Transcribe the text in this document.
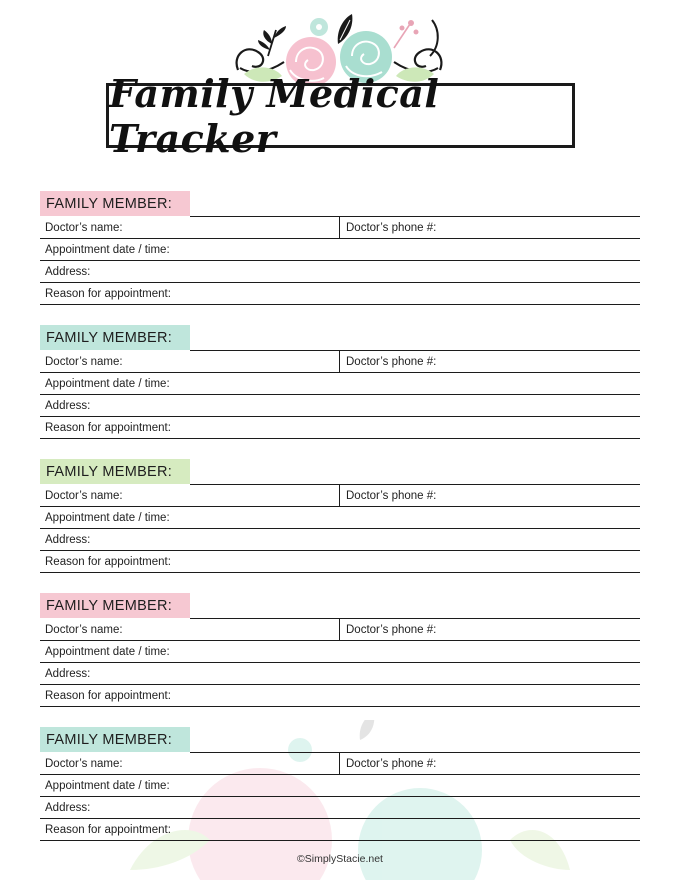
Family Medical Tracker
FAMILY MEMBER:
Doctor’s name:	Doctor’s phone #:
Appointment date / time:
Address:
Reason for appointment:
FAMILY MEMBER:
Doctor’s name:	Doctor’s phone #:
Appointment date / time:
Address:
Reason for appointment:
FAMILY MEMBER:
Doctor’s name:	Doctor’s phone #:
Appointment date / time:
Address:
Reason for appointment:
FAMILY MEMBER:
Doctor’s name:	Doctor’s phone #:
Appointment date / time:
Address:
Reason for appointment:
FAMILY MEMBER:
Doctor’s name:	Doctor’s phone #:
Appointment date / time:
Address:
Reason for appointment:
©SimplyStacie.net
